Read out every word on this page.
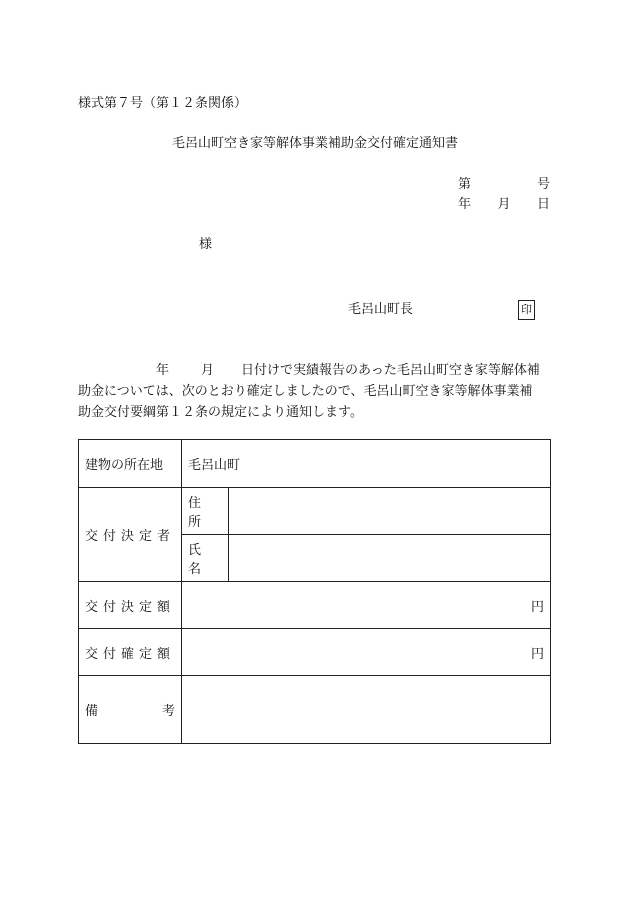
様式第７号（第１２条関係）
毛呂山町空き家等解体事業補助金交付確定通知書
第	号
年 月 日
様
毛呂山町長	印

年 月 日付けで実績報告のあった毛呂山町空き家等解体補

助金については、次のとおり確定しましたので、毛呂山町空き家等解体事業補

助金交付要綱第１２条の規定により通知します。

建物の所在地	毛呂山町	
交付決定者	住所	
	氏名	
交付決定額	円	
交付確定額	円	

備 考		
